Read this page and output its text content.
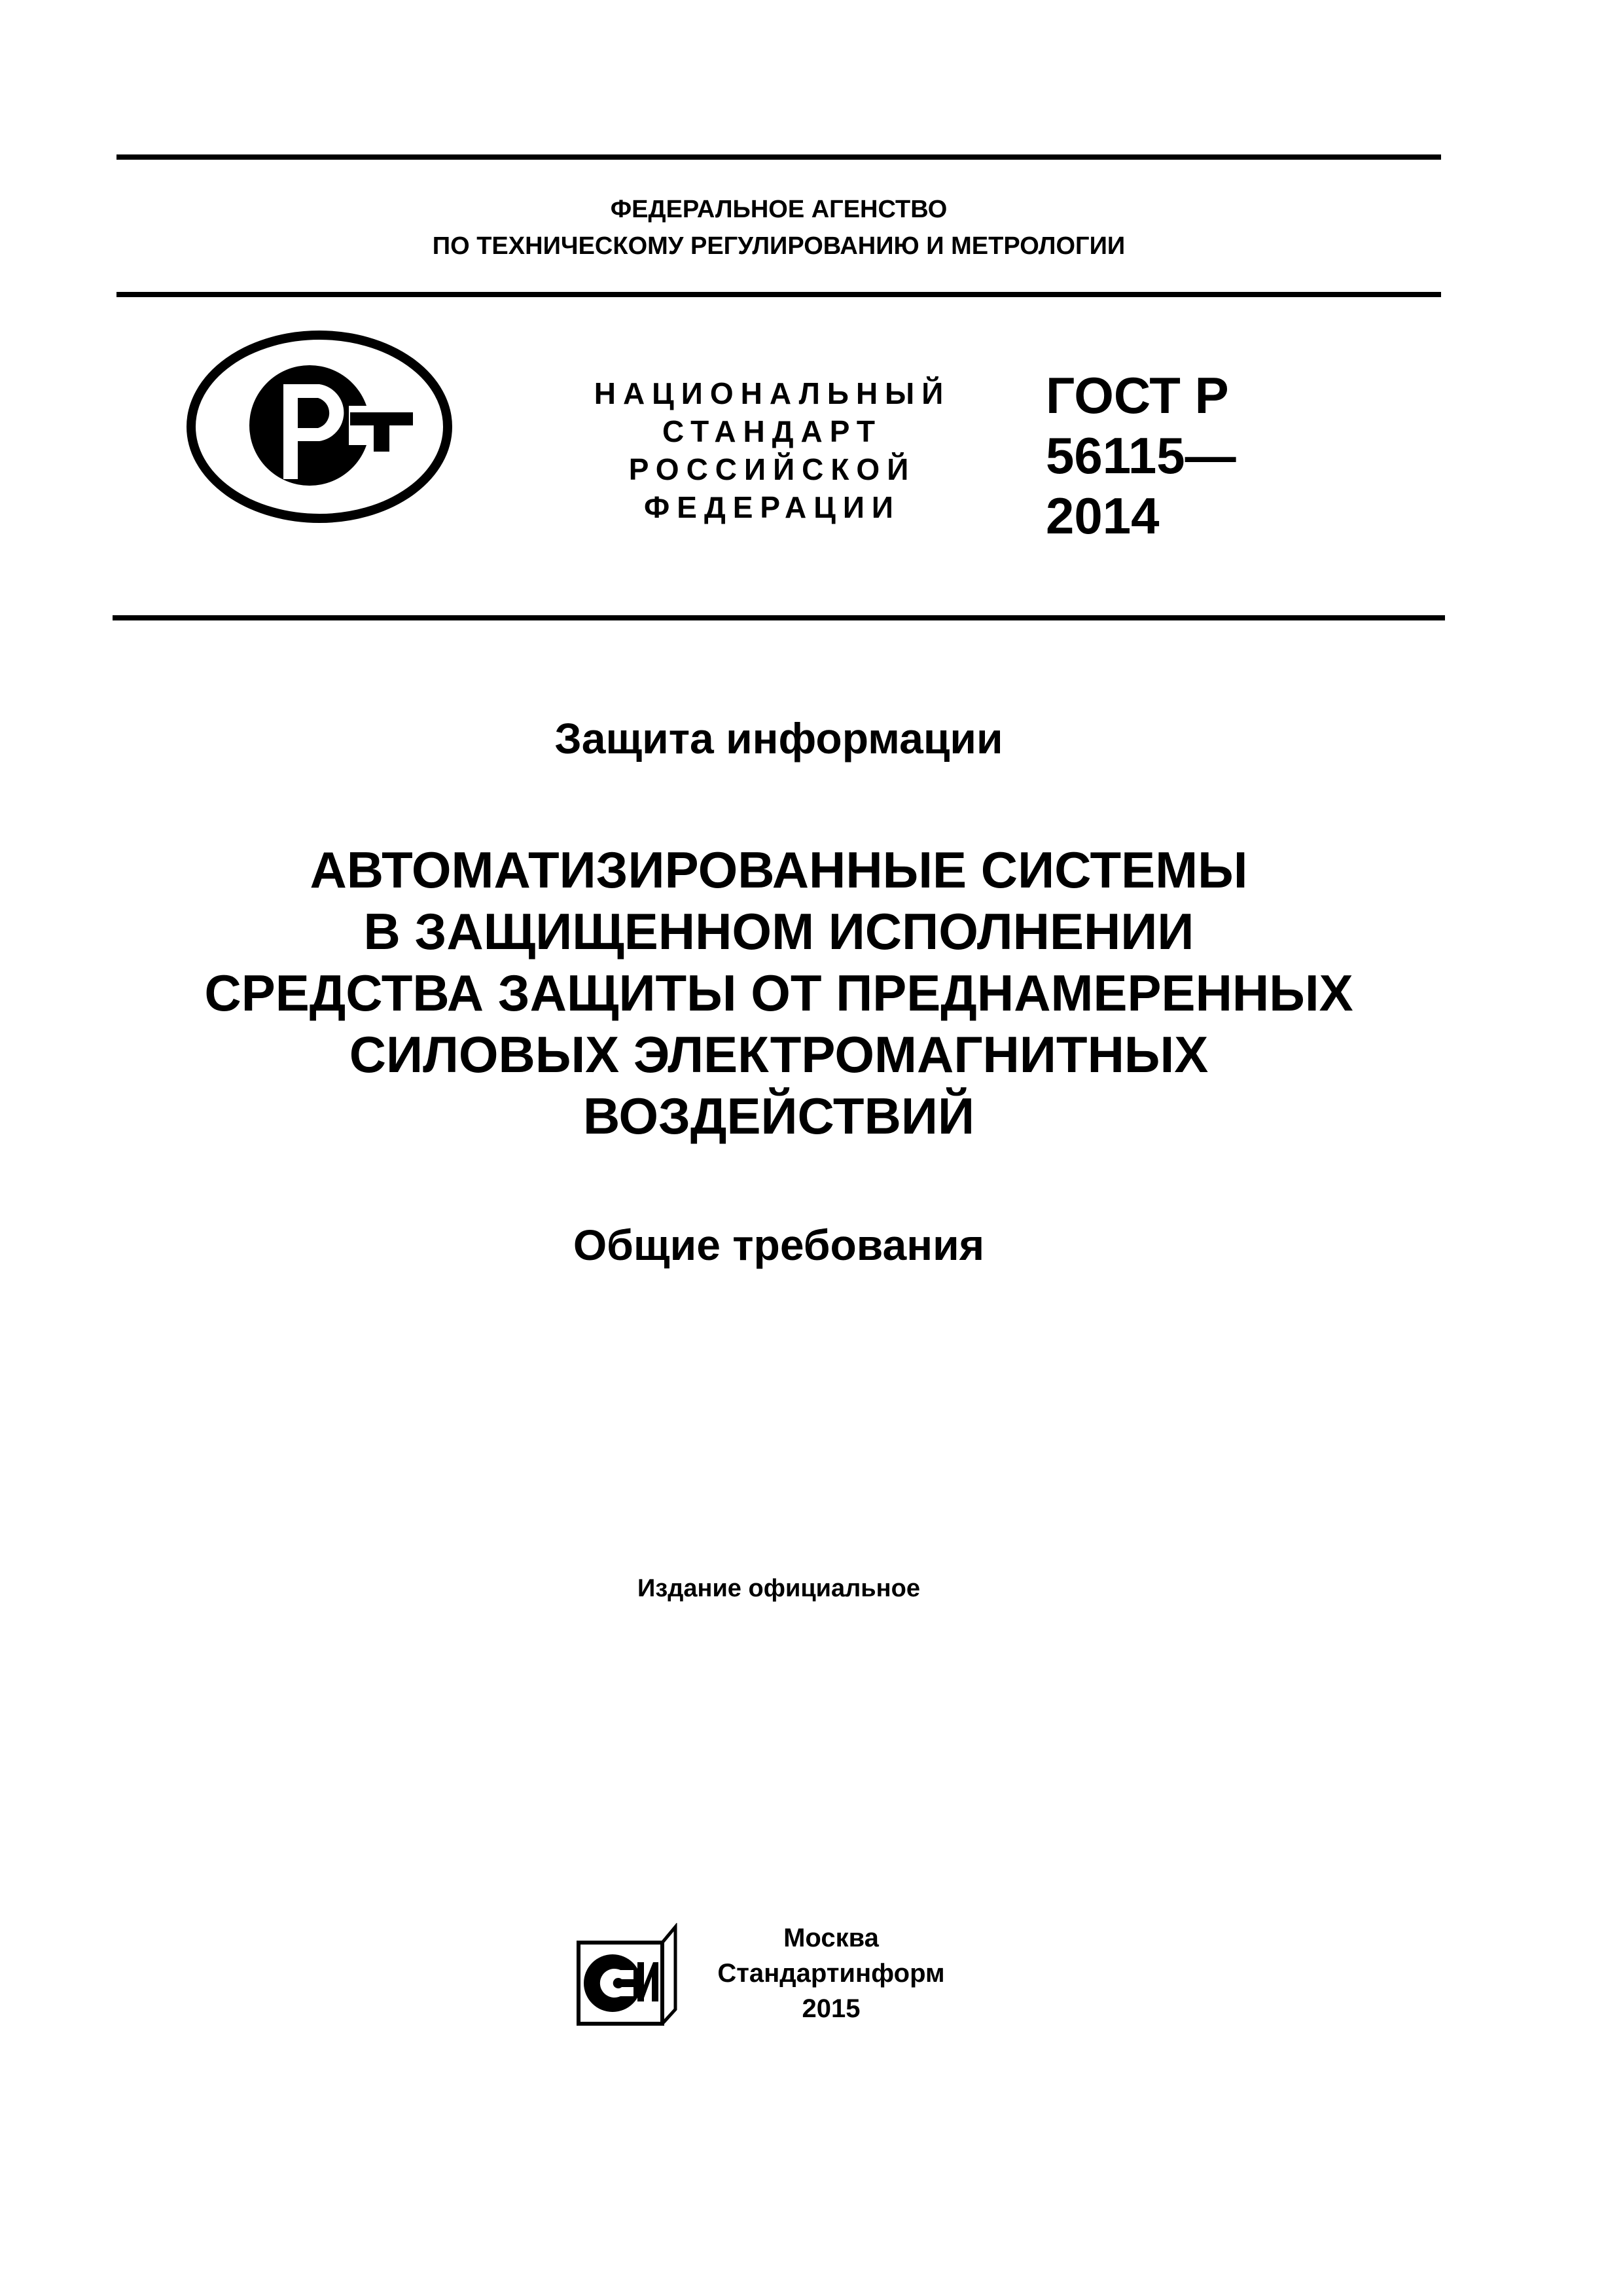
ФЕДЕРАЛЬНОЕ АГЕНСТВО
ПО ТЕХНИЧЕСКОМУ РЕГУЛИРОВАНИЮ И МЕТРОЛОГИИ
НАЦИОНАЛЬНЫЙ
СТАНДАРТ
РОССИЙСКОЙ
ФЕДЕРАЦИИ
ГОСТ Р
56115—
2014
Защита информации
АВТОМАТИЗИРОВАННЫЕ СИСТЕМЫ
В ЗАЩИЩЕННОМ ИСПОЛНЕНИИ
СРЕДСТВА ЗАЩИТЫ ОТ ПРЕДНАМЕРЕННЫХ
СИЛОВЫХ ЭЛЕКТРОМАГНИТНЫХ
ВОЗДЕЙСТВИЙ
Общие требования
Издание официальное
Москва
Стандартинформ
2015
